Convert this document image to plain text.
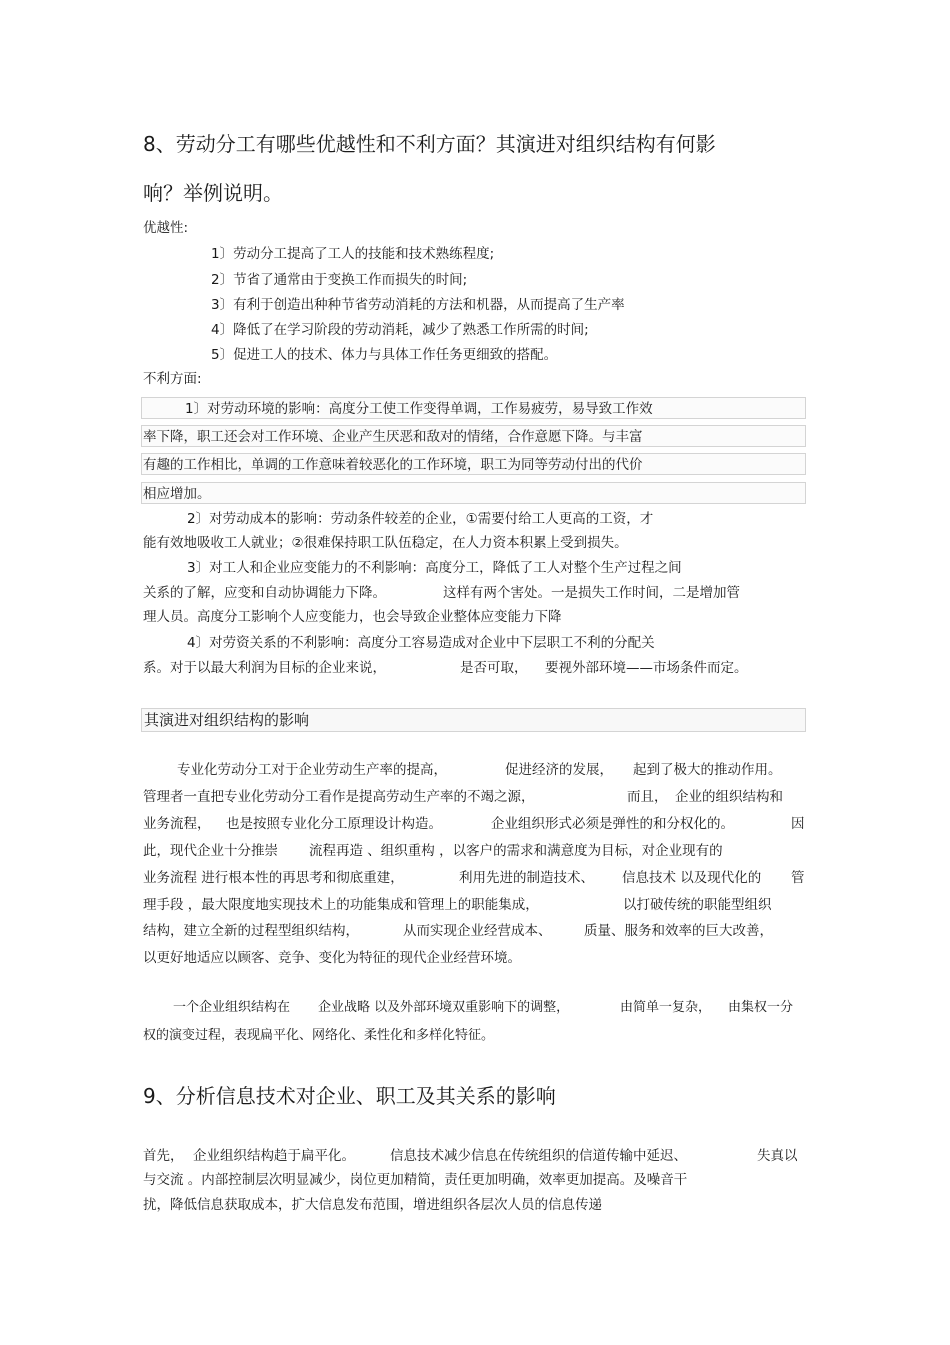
8、劳动分工有哪些优越性和不利方面？其演进对组织结构有何影
响？举例说明。
优越性:
1〕劳动分工提高了工人的技能和技术熟练程度;
2〕节省了通常由于变换工作而损失的时间;
3〕有利于创造出种种节省劳动消耗的方法和机器，从而提高了生产率
4〕降低了在学习阶段的劳动消耗，减少了熟悉工作所需的时间;
5〕促进工人的技术、体力与具体工作任务更细致的搭配。
不利方面:
1〕对劳动环境的影响：高度分工使工作变得单调，工作易疲劳，易导致工作效
率下降，职工还会对工作环境、企业产生厌恶和敌对的情绪，合作意愿下降。与丰富
有趣的工作相比，单调的工作意味着较恶化的工作环境，职工为同等劳动付出的代价
相应增加。
2〕对劳动成本的影响：劳动条件较差的企业，①需要付给工人更高的工资，才
能有效地吸收工人就业；②很难保持职工队伍稳定，在人力资本积累上受到损失。
3〕对工人和企业应变能力的不利影响：高度分工，降低了工人对整个生产过程之间
关系的了解，应变和自动协调能力下降。	这样有两个害处。一是损失工作时间，二是增加管
理人员。高度分工影响个人应变能力，也会导致企业整体应变能力下降
4〕对劳资关系的不利影响：高度分工容易造成对企业中下层职工不利的分配关
系。对于以最大利润为目标的企业来说，	是否可取， 要视外部环境——市场条件而定。
其演进对组织结构的影响
专业化劳动分工对于企业劳动生产率的提高，	促进经济的发展， 起到了极大的推动作用。
管理者一直把专业化劳动分工看作是提高劳动生产率的不竭之源，	而且， 企业的组织结构和
业务流程， 也是按照专业化分工原理设计构造。	企业组织形式必须是弹性的和分权化的。	因
此，现代企业十分推崇 流程再造 、组织重构 ，以客户的需求和满意度为目标，对企业现有的
业务流程 进行根本性的再思考和彻底重建，	利用先进的制造技术、 信息技术 以及现代化的 管
理手段 ，最大限度地实现技术上的功能集成和管理上的职能集成，	以打破传统的职能型组织
结构，建立全新的过程型组织结构，	从而实现企业经营成本、 质量、服务和效率的巨大改善，
以更好地适应以顾客、竞争、变化为特征的现代企业经营环境。
一个企业组织结构在 企业战略 以及外部环境双重影响下的调整，	由简单一复杂， 由集权一分
权的演变过程，表现扁平化、网络化、柔性化和多样化特征。
9、分析信息技术对企业、职工及其关系的影响
首先， 企业组织结构趋于扁平化。	信息技术减少信息在传统组织的信道传输中延迟、	失真以
与交流 。内部控制层次明显减少，岗位更加精简，责任更加明确，效率更加提高。及噪音干
扰，降低信息获取成本，扩大信息发布范围，增进组织各层次人员的信息传递
